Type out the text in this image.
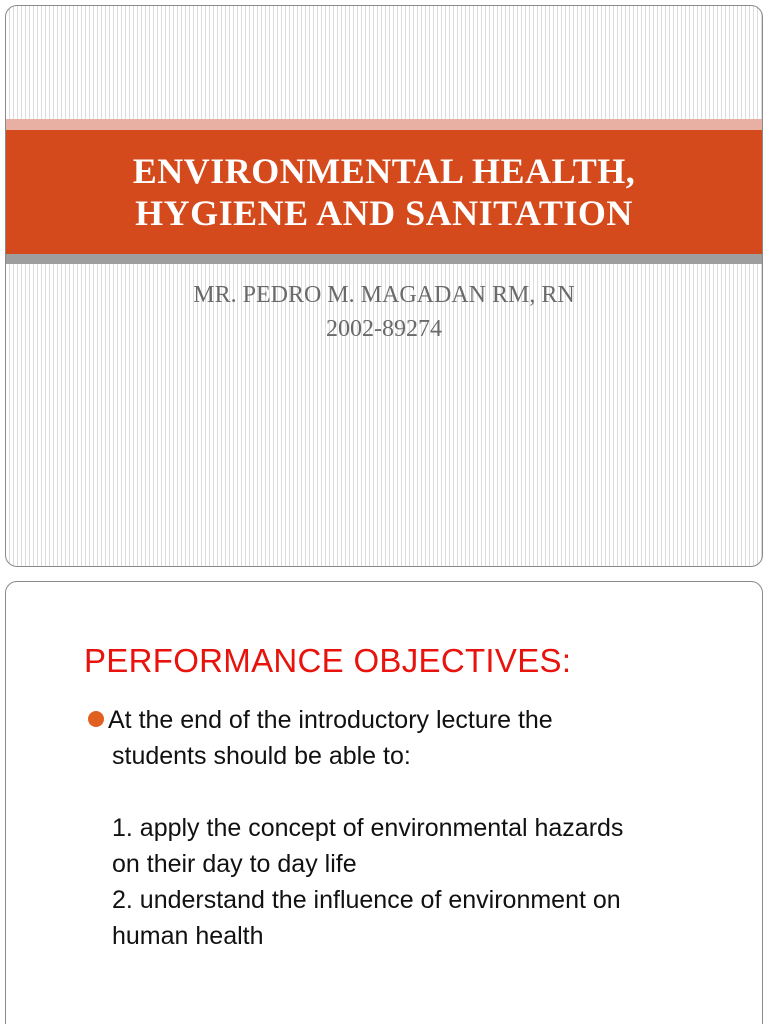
ENVIRONMENTAL HEALTH,
HYGIENE AND SANITATION
MR. PEDRO M. MAGADAN RM, RN
2002-89274
PERFORMANCE OBJECTIVES:
At the end of the introductory lecture the
students should be able to:
1. apply the concept of environmental hazards
on their day to day life
2. understand the influence of environment on
human health
